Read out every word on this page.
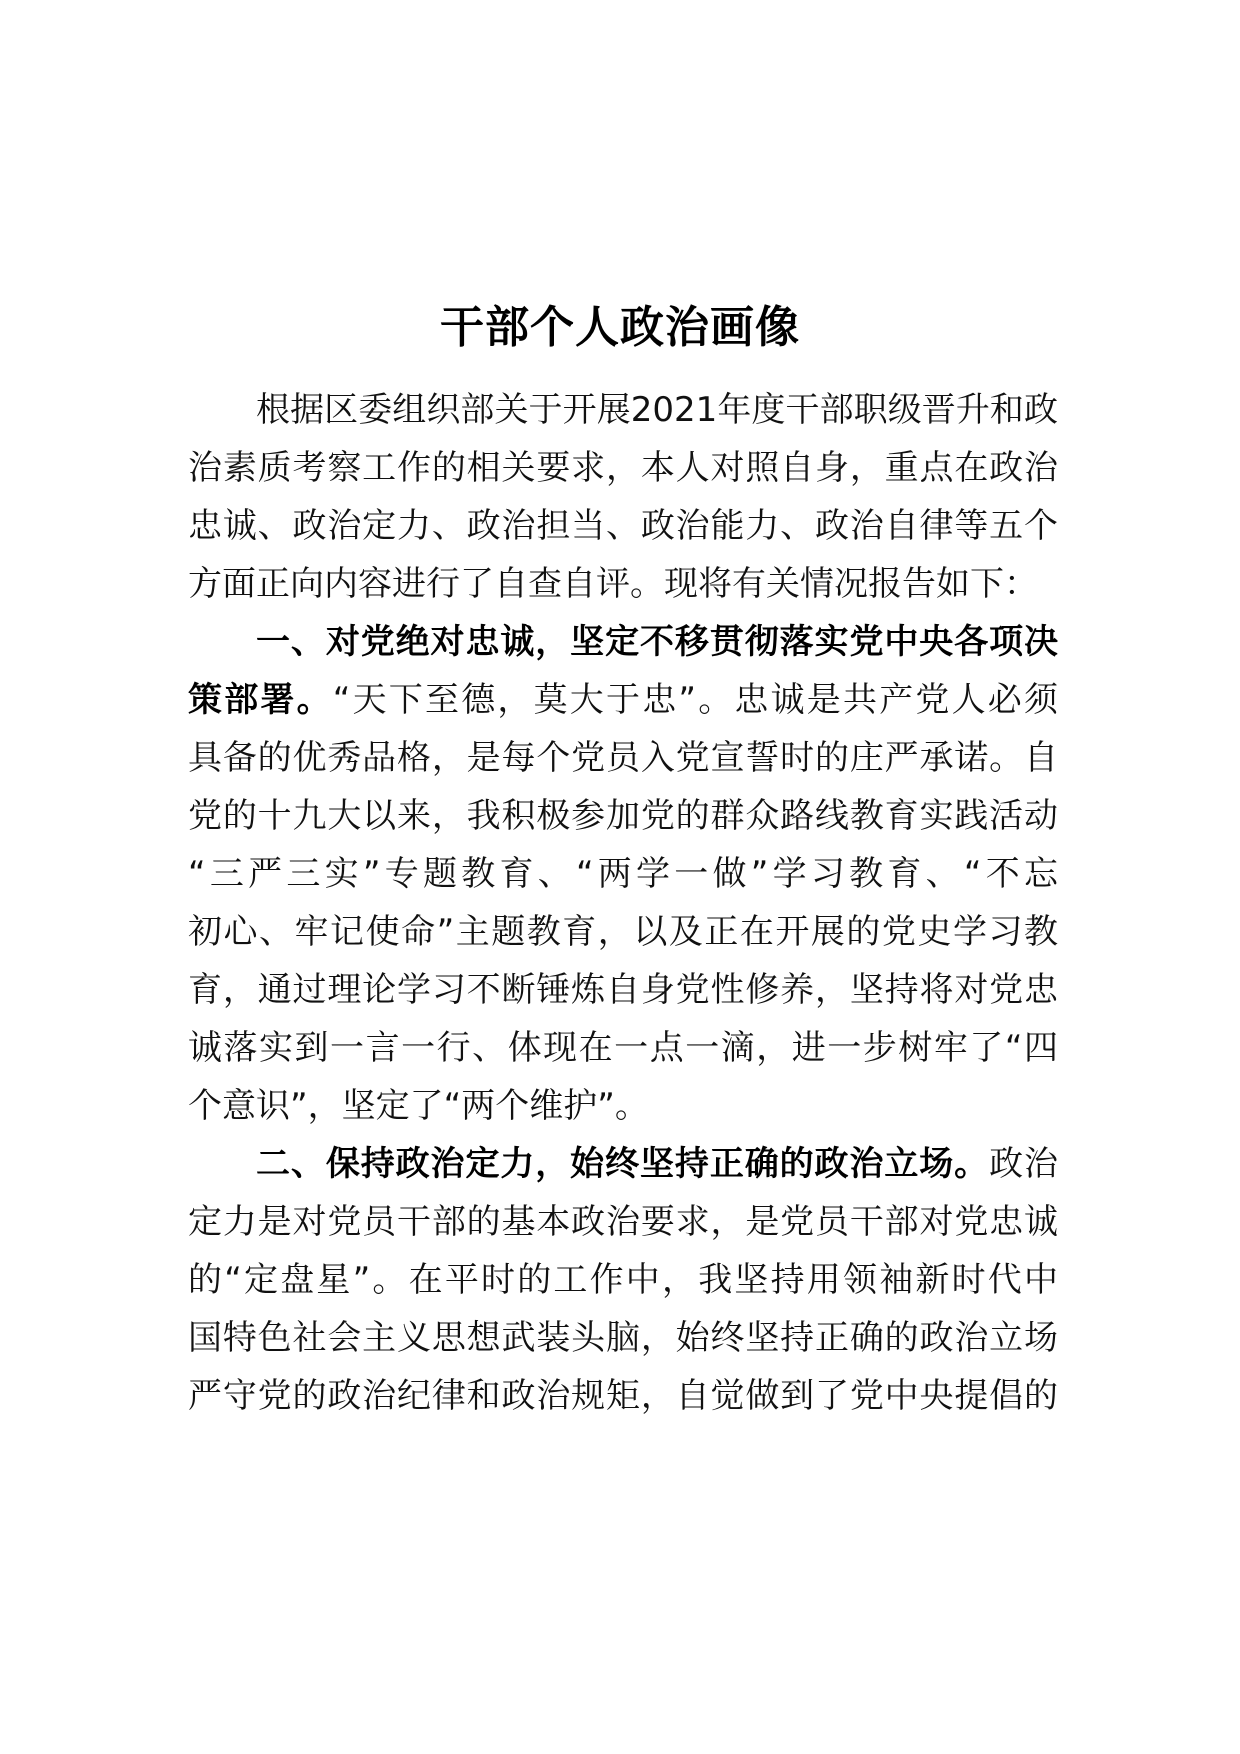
干部个人政治画像
根据区委组织部关于开展2021年度干部职级晋升和政
治素质考察工作的相关要求，本人对照自身，重点在政治
忠诚、政治定力、政治担当、政治能力、政治自律等五个
方面正向内容进行了自查自评。现将有关情况报告如下：
一、对党绝对忠诚，坚定不移贯彻落实党中央各项决
策部署。“天下至德，莫大于忠”。忠诚是共产党人必须
具备的优秀品格，是每个党员入党宣誓时的庄严承诺。自
党的十九大以来，我积极参加党的群众路线教育实践活动
“三严三实”专题教育、“两学一做”学习教育、“不忘
初心、牢记使命”主题教育，以及正在开展的党史学习教
育，通过理论学习不断锤炼自身党性修养，坚持将对党忠
诚落实到一言一行、体现在一点一滴，进一步树牢了“四
个意识”，坚定了“两个维护”。
二、保持政治定力，始终坚持正确的政治立场。政治
定力是对党员干部的基本政治要求，是党员干部对党忠诚
的“定盘星”。在平时的工作中，我坚持用领袖新时代中
国特色社会主义思想武装头脑，始终坚持正确的政治立场
严守党的政治纪律和政治规矩，自觉做到了党中央提倡的
